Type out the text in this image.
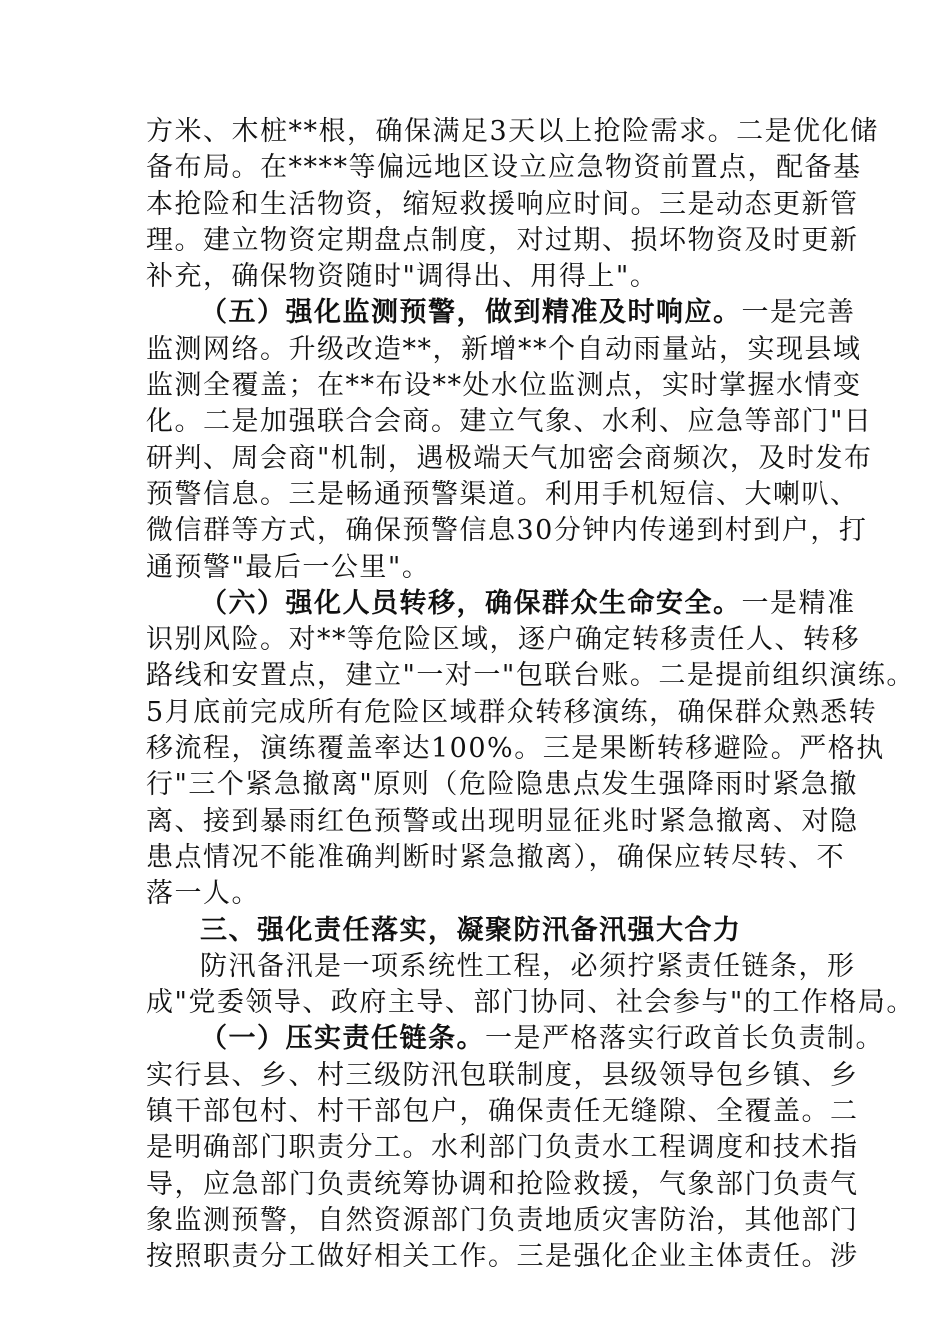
方米、木桩**根，确保满足3天以上抢险需求。二是优化储
备布局。在****等偏远地区设立应急物资前置点，配备基
本抢险和生活物资，缩短救援响应时间。三是动态更新管
理。建立物资定期盘点制度，对过期、损坏物资及时更新
补充，确保物资随时"调得出、用得上"。
（五）强化监测预警，做到精准及时响应。一是完善
监测网络。升级改造**，新增**个自动雨量站，实现县域
监测全覆盖；在**布设**处水位监测点，实时掌握水情变
化。二是加强联合会商。建立气象、水利、应急等部门"日
研判、周会商"机制，遇极端天气加密会商频次，及时发布
预警信息。三是畅通预警渠道。利用手机短信、大喇叭、
微信群等方式，确保预警信息30分钟内传递到村到户，打
通预警"最后一公里"。
（六）强化人员转移，确保群众生命安全。一是精准
识别风险。对**等危险区域，逐户确定转移责任人、转移
路线和安置点，建立"一对一"包联台账。二是提前组织演练。
5月底前完成所有危险区域群众转移演练，确保群众熟悉转
移流程，演练覆盖率达100%。三是果断转移避险。严格执
行"三个紧急撤离"原则（危险隐患点发生强降雨时紧急撤
离、接到暴雨红色预警或出现明显征兆时紧急撤离、对隐
患点情况不能准确判断时紧急撤离），确保应转尽转、不
落一人。
三、强化责任落实，凝聚防汛备汛强大合力
防汛备汛是一项系统性工程，必须拧紧责任链条，形
成"党委领导、政府主导、部门协同、社会参与"的工作格局。
（一）压实责任链条。一是严格落实行政首长负责制。
实行县、乡、村三级防汛包联制度，县级领导包乡镇、乡
镇干部包村、村干部包户，确保责任无缝隙、全覆盖。二
是明确部门职责分工。水利部门负责水工程调度和技术指
导，应急部门负责统筹协调和抢险救援，气象部门负责气
象监测预警，自然资源部门负责地质灾害防治，其他部门
按照职责分工做好相关工作。三是强化企业主体责任。涉
